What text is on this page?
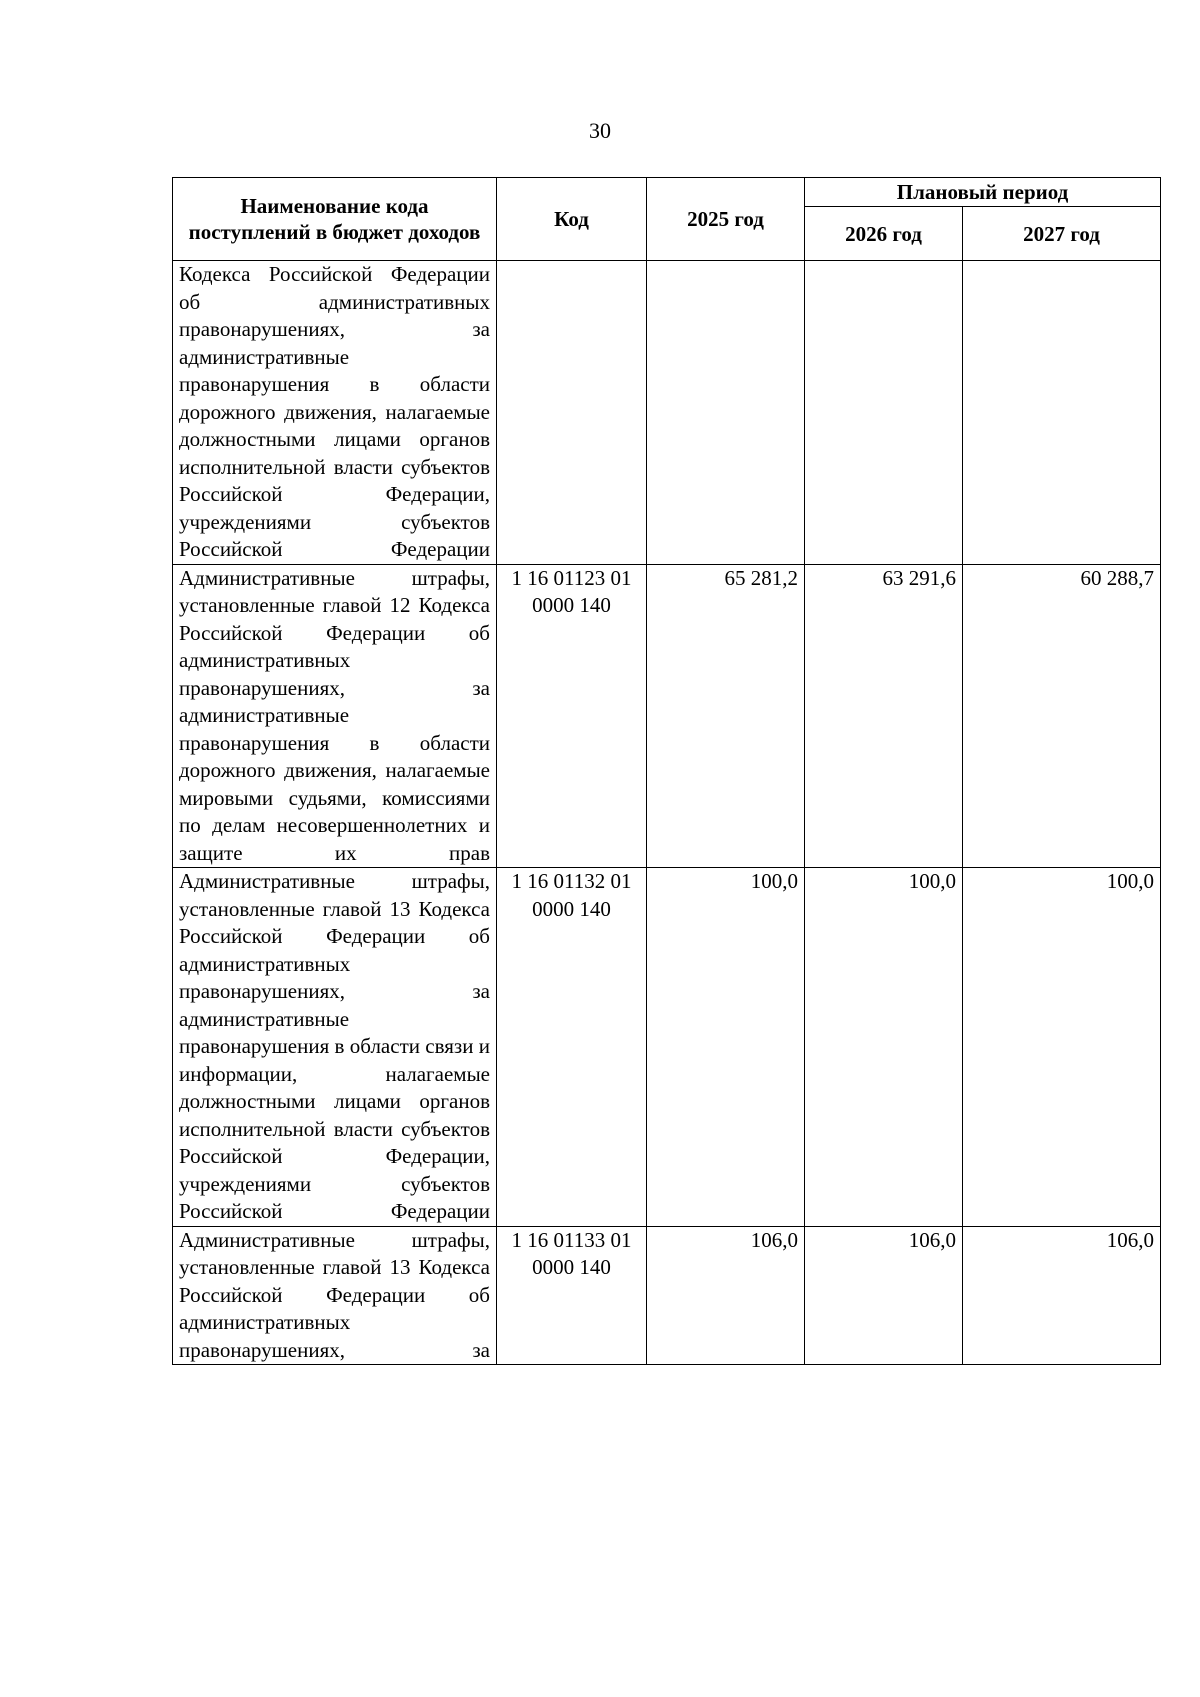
30
Наименование кода поступлений в бюджет доходов	Код	2025 год	Плановый период	
			2026 год	2027 год
Кодекса Российской Федерации об административных правонарушениях, за административные правонарушения в области дорожного движения, налагаемые должностными лицами органов исполнительной власти субъектов Российской Федерации, учреждениями субъектов Российской Федерации				
Административные штрафы, установленные главой 12 Кодекса Российской Федерации об административных правонарушениях, за административные правонарушения в области дорожного движения, налагаемые мировыми судьями, комиссиями по делам несовершеннолетних и защите их прав	1 16 01123 01 0000 140	65 281,2	63 291,6	60 288,7
Административные штрафы, установленные главой 13 Кодекса Российской Федерации об административных правонарушениях, за административные правонарушения в области связи и информации, налагаемые должностными лицами органов исполнительной власти субъектов Российской Федерации, учреждениями субъектов Российской Федерации	1 16 01132 01 0000 140	100,0	100,0	100,0
Административные штрафы, установленные главой 13 Кодекса Российской Федерации об административных правонарушениях, за	1 16 01133 01 0000 140	106,0	106,0	106,0
